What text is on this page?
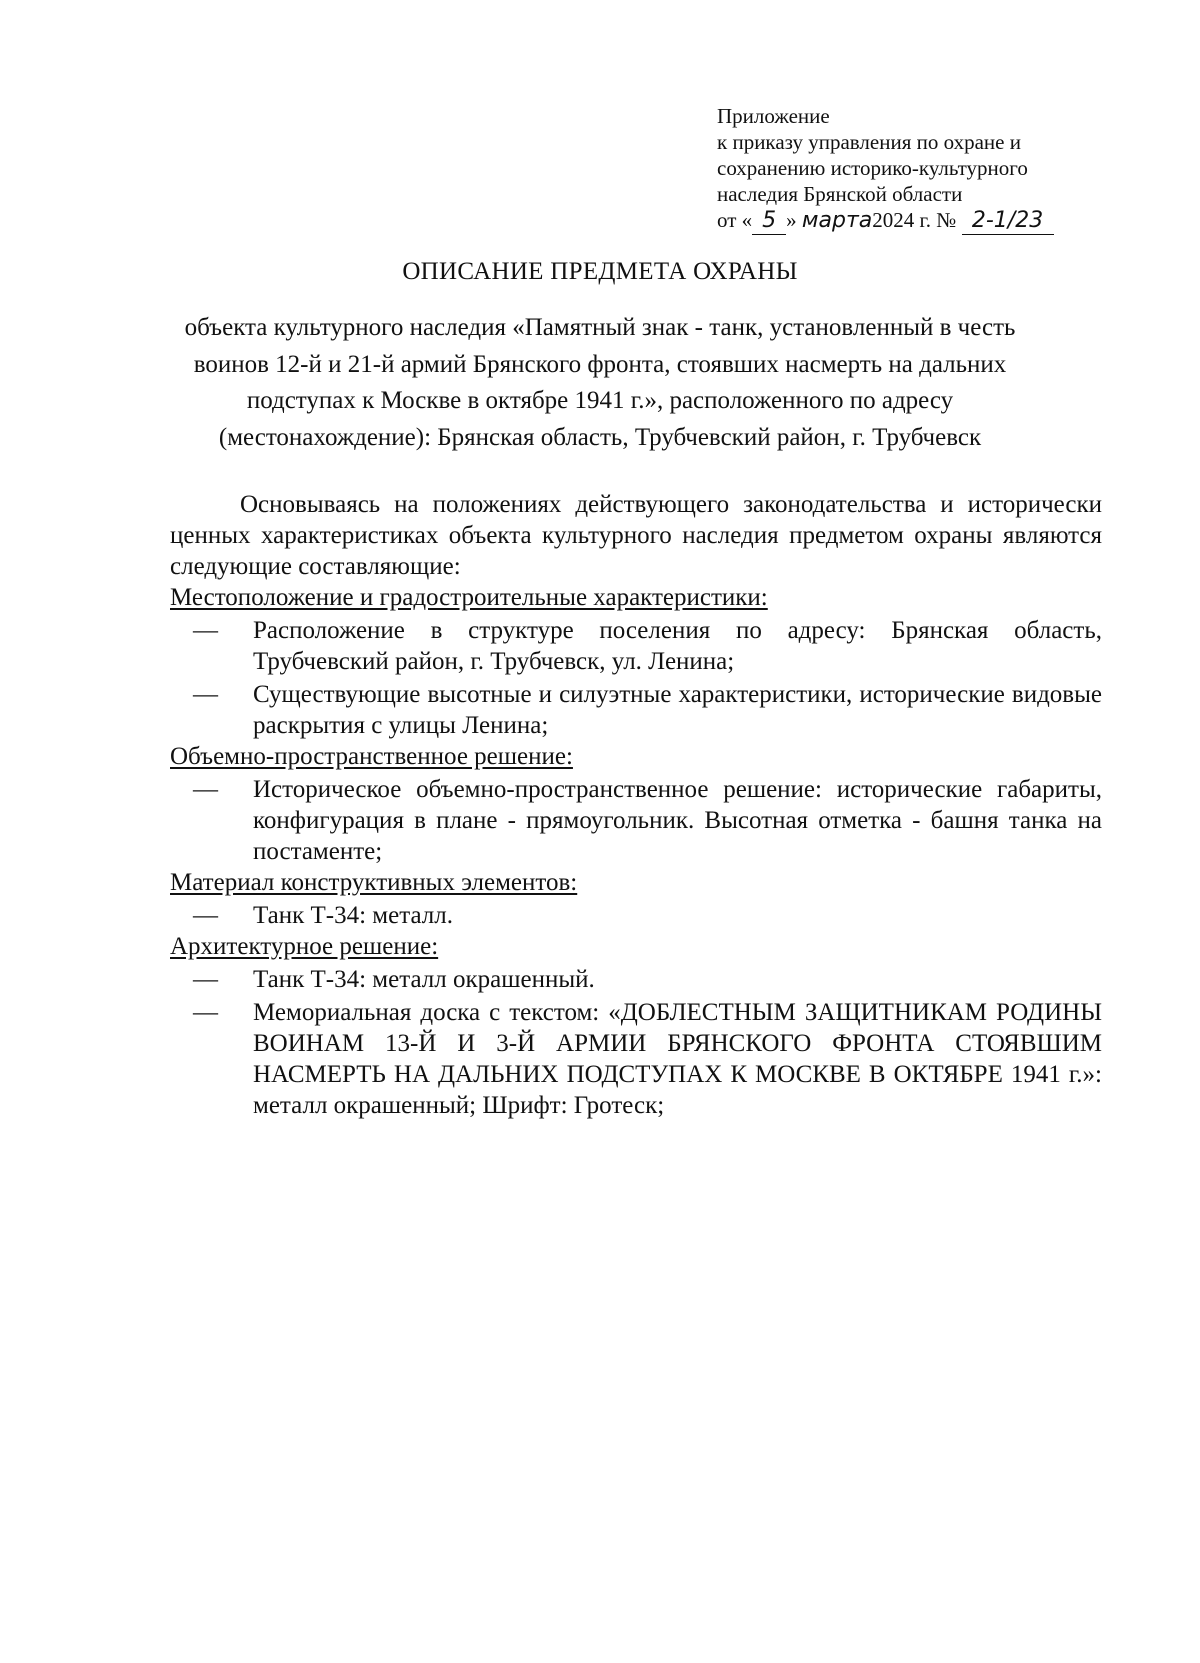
Приложение
к приказу управления по охране и
сохранению историко-культурного
наследия Брянской области
от « 5 » марта2024 г. № 2-1/23
ОПИСАНИЕ ПРЕДМЕТА ОХРАНЫ
объекта культурного наследия «Памятный знак - танк, установленный в честь
воинов 12-й и 21-й армий Брянского фронта, стоявших насмерть на дальних
подступах к Москве в октябре 1941 г.», расположенного по адресу
(местонахождение): Брянская область, Трубчевский район, г. Трубчевск
Основываясь на положениях действующего законодательства и исторически ценных характеристиках объекта культурного наследия предметом охраны являются следующие составляющие:
Местоположение и градостроительные характеристики:
— Расположение в структуре поселения по адресу: Брянская область, Трубчевский район, г. Трубчевск, ул. Ленина;
— Существующие высотные и силуэтные характеристики, исторические видовые раскрытия с улицы Ленина;
Объемно-пространственное решение:
— Историческое объемно-пространственное решение: исторические габариты, конфигурация в плане - прямоугольник. Высотная отметка - башня танка на постаменте;
Материал конструктивных элементов:
— Танк Т-34: металл.
Архитектурное решение:
— Танк Т-34: металл окрашенный.
— Мемориальная доска с текстом: «ДОБЛЕСТНЫМ ЗАЩИТНИКАМ РОДИНЫ ВОИНАМ 13-Й И 3-Й АРМИИ БРЯНСКОГО ФРОНТА СТОЯВШИМ НАСМЕРТЬ НА ДАЛЬНИХ ПОДСТУПАХ К МОСКВЕ В ОКТЯБРЕ 1941 г.»: металл окрашенный; Шрифт: Гротеск;
